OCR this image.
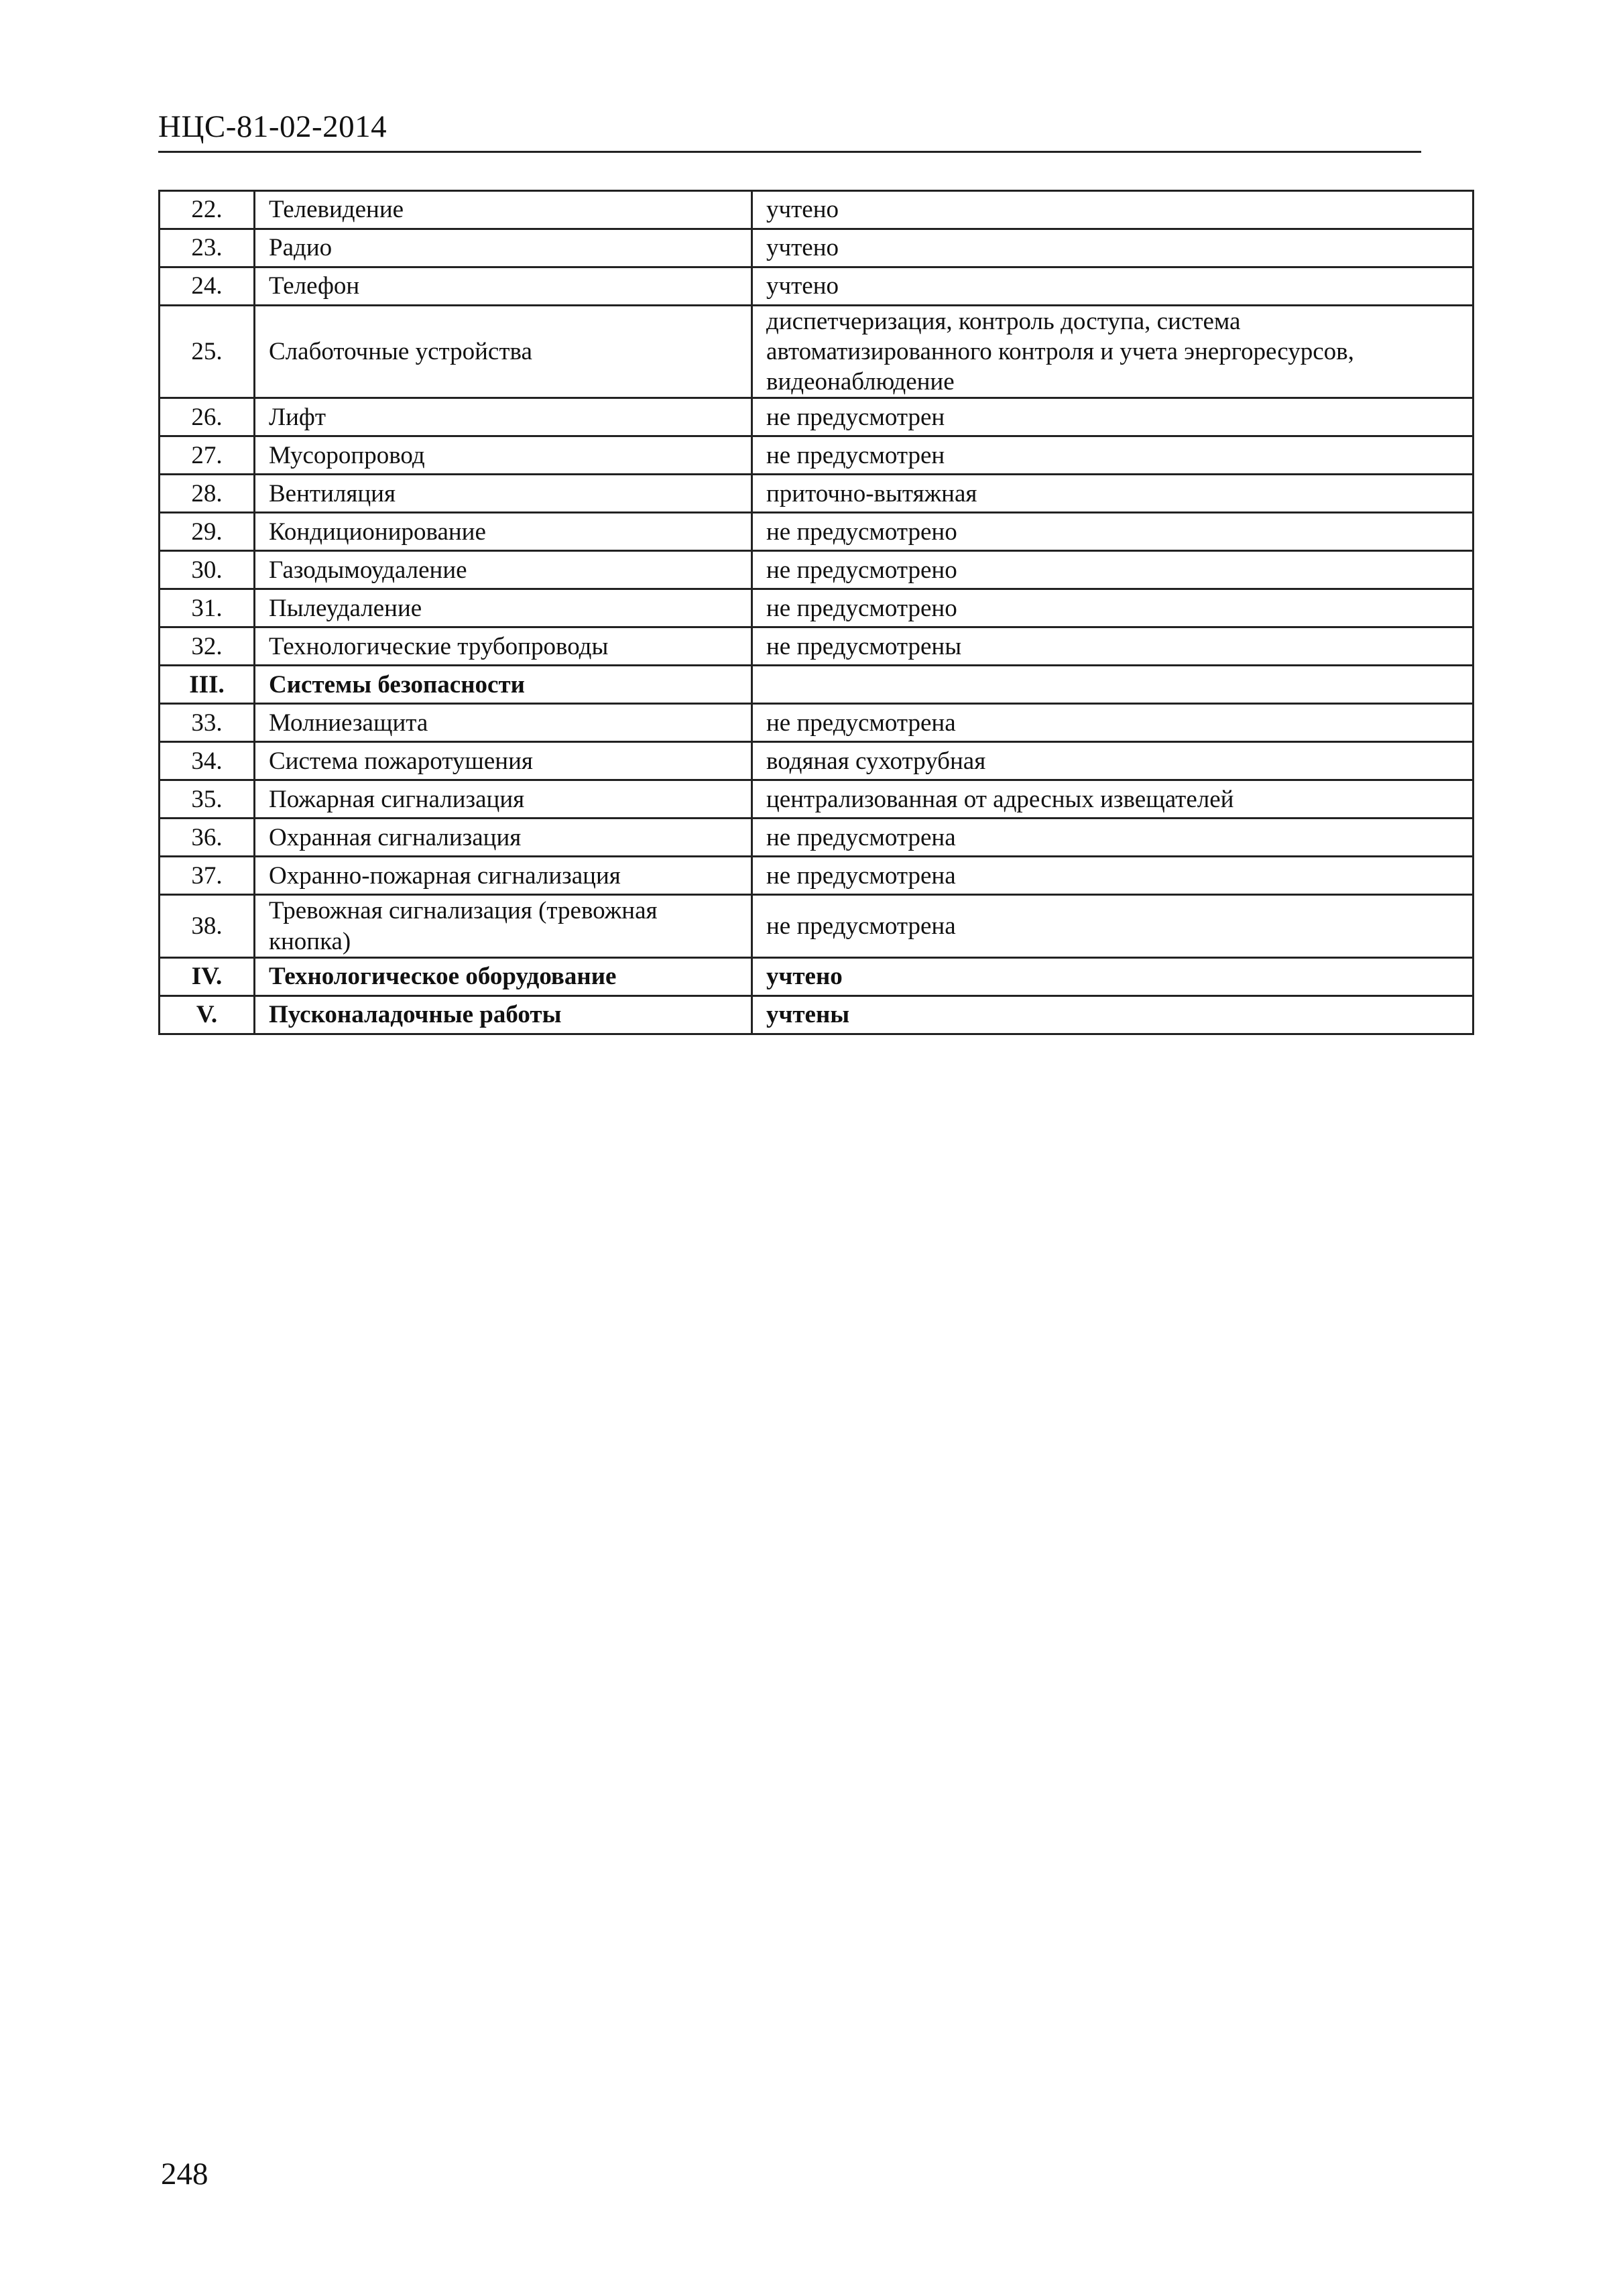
НЦС-81-02-2014
22.	Телевидение	учтено
23.	Радио	учтено
24.	Телефон	учтено
25.	Слаботочные устройства	диспетчеризация, контроль доступа, система автоматизированного контроля и учета энергоресурсов, видеонаблюдение
26.	Лифт	не предусмотрен
27.	Мусоропровод	не предусмотрен
28.	Вентиляция	приточно-вытяжная
29.	Кондиционирование	не предусмотрено
30.	Газодымоудаление	не предусмотрено
31.	Пылеудаление	не предусмотрено
32.	Технологические трубопроводы	не предусмотрены
III.	Системы безопасности	
33.	Молниезащита	не предусмотрена
34.	Система пожаротушения	водяная сухотрубная
35.	Пожарная сигнализация	централизованная от адресных извещателей
36.	Охранная сигнализация	не предусмотрена
37.	Охранно-пожарная сигнализация	не предусмотрена
38.	Тревожная сигнализация (тревожная кнопка)	не предусмотрена
IV.	Технологическое оборудование	учтено
V.	Пусконаладочные работы	учтены
248
